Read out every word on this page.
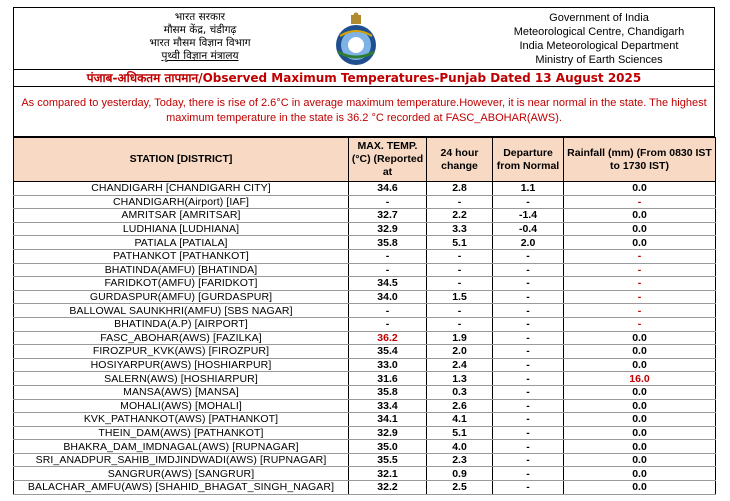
भारत सरकार
मौसम केंद्र, चंडीगढ़
भारत मौसम विज्ञान विभाग
पृथ्वी विज्ञान मंत्रालय
Government of India
Meteorological Centre, Chandigarh
India Meteorological Department
Ministry of Earth Sciences
पंजाब-अधिकतम तापमान/Observed Maximum Temperatures-Punjab Dated 13 August 2025
As compared to yesterday, Today, there is rise of 2.6°C in average maximum temperature.However, it is near normal in the state. The highest maximum temperature in the state is 36.2 °C recorded at FASC_ABOHAR(AWS).
STATION [DISTRICT]	MAX. TEMP.(°C) (Reported at	24 hour change	Departure from Normal	Rainfall (mm) (From 0830 IST to 1730 IST)
CHANDIGARH [CHANDIGARH CITY]	34.6	2.8	1.1	0.0
CHANDIGARH(Airport) [IAF]	-	-	-	-
AMRITSAR [AMRITSAR]	32.7	2.2	-1.4	0.0
LUDHIANA [LUDHIANA]	32.9	3.3	-0.4	0.0
PATIALA [PATIALA]	35.8	5.1	2.0	0.0
PATHANKOT [PATHANKOT]	-	-	-	-
BHATINDA(AMFU) [BHATINDA]	-	-	-	-
FARIDKOT(AMFU) [FARIDKOT]	34.5	-	-	-
GURDASPUR(AMFU) [GURDASPUR]	34.0	1.5	-	-
BALLOWAL SAUNKHRI(AMFU) [SBS NAGAR]	-	-	-	-
BHATINDA(A.P) [AIRPORT]	-	-	-	-
FASC_ABOHAR(AWS) [FAZILKA]	36.2	1.9	-	0.0
FIROZPUR_KVK(AWS) [FIROZPUR]	35.4	2.0	-	0.0
HOSIYARPUR(AWS) [HOSHIARPUR]	33.0	2.4	-	0.0
SALERN(AWS) [HOSHIARPUR]	31.6	1.3	-	16.0
MANSA(AWS) [MANSA]	35.8	0.3	-	0.0
MOHALI(AWS) [MOHALI]	33.4	2.6	-	0.0
KVK_PATHANKOT(AWS) [PATHANKOT]	34.1	4.1	-	0.0
THEIN_DAM(AWS) [PATHANKOT]	32.9	5.1	-	0.0
BHAKRA_DAM_IMDNAGAL(AWS) [RUPNAGAR]	35.0	4.0	-	0.0
SRI_ANADPUR_SAHIB_IMDJINDWADI(AWS) [RUPNAGAR]	35.5	2.3	-	0.0
SANGRUR(AWS) [SANGRUR]	32.1	0.9	-	0.0
BALACHAR_AMFU(AWS) [SHAHID_BHAGAT_SINGH_NAGAR]	32.2	2.5	-	0.0
